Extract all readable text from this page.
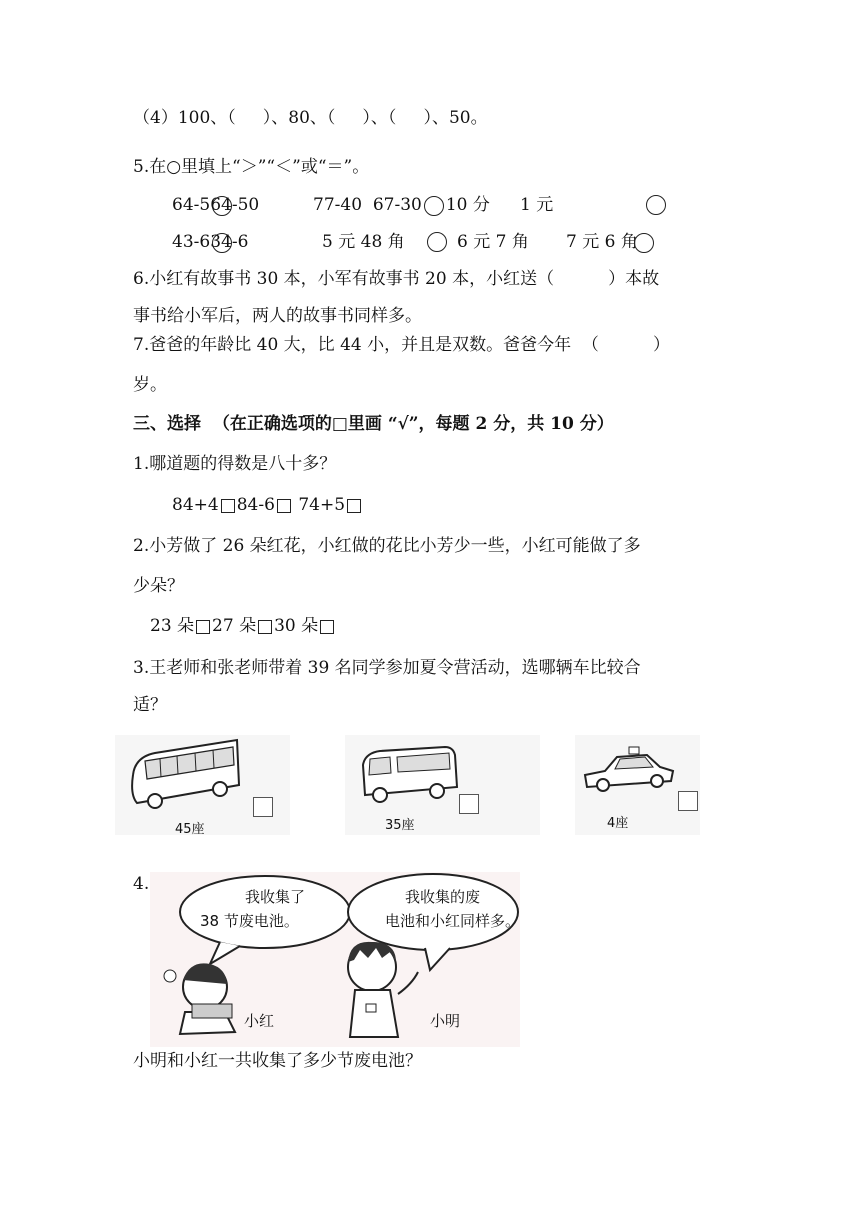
（4）100、（     ）、80、（     ）、（     ）、50。
5.在○里填上“＞”“＜”或“＝”。
64-564-50	77-40  67-30 10 分 1 元
43-634-6	5 元 48 角	6 元 7 角 7 元 6 角
6.小红有故事书 30 本，小军有故事书 20 本，小红送（          ）本故
事书给小军后，两人的故事书同样多。
7.爸爸的年龄比 40 大，比 44 小，并且是双数。爸爸今年  （          ）
岁。
三、选择  （在正确选项的□里画 “√”，每题 2 分，共 10 分）
1.哪道题的得数是八十多？
84+4 84-6 74+5
2.小芳做了 26 朵红花，小红做的花比小芳少一些，小红可能做了多
少朵？
23 朵 27 朵 30 朵
3.王老师和张老师带着 39 名同学参加夏令营活动，选哪辆车比较合
适？
45座	35座	4座
4.
我收集了
38 节废电池。
我收集的废
电池和小红同样多。
小红	小明
小明和小红一共收集了多少节废电池？
